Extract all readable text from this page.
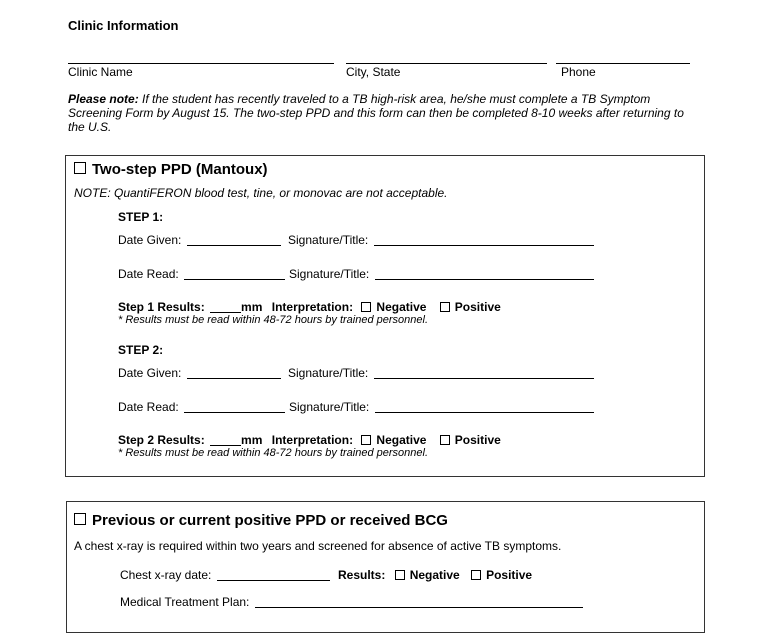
Clinic Information
Clinic Name	City, State	Phone

Please note: If the student has recently traveled to a TB high-risk area, he/she must complete a TB Symptom Screening Form by August 15. The two-step PPD and this form can then be completed 8-10 weeks after returning to the U.S.

Two-step PPD (Mantoux)
NOTE: QuantiFERON blood test, tine, or monovac are not acceptable.
STEP 1:
Date Given:	Signature/Title:
Date Read:	Signature/Title:
Step 1 Results:	mm Interpretation: Negative Positive
* Results must be read within 48-72 hours by trained personnel.
STEP 2:
Date Given:	Signature/Title:
Date Read:	Signature/Title:
Step 2 Results:	mm Interpretation: Negative Positive
* Results must be read within 48-72 hours by trained personnel.
Previous or current positive PPD or received BCG
A chest x-ray is required within two years and screened for absence of active TB symptoms.
Chest x-ray date:	Results: Negative Positive
Medical Treatment Plan:
